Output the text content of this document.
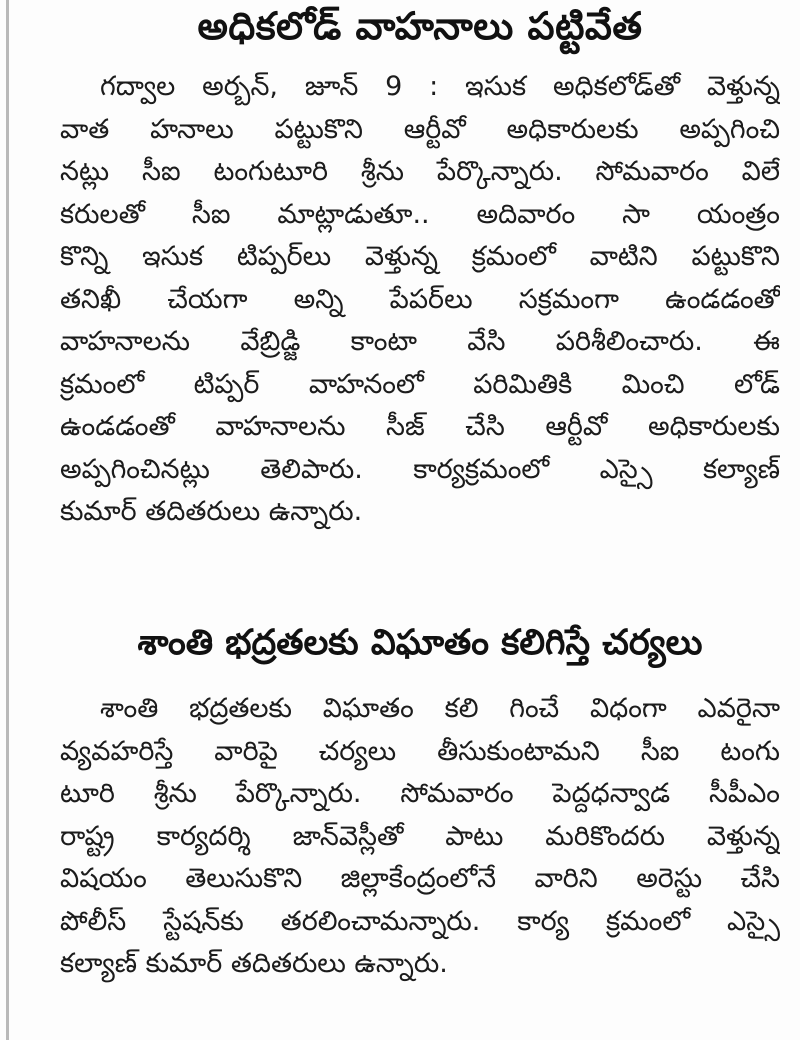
అధికలోడ్ వాహనాలు పట్టివేత
గద్వాల అర్బన్, జూన్ 9 : ఇసుక అధికలోడ్‌తో వెళ్తున్న
వాత హనాలు పట్టుకొని ఆర్టీవో అధికారులకు అప్పగించి
నట్లు సీఐ టంగుటూరి శ్రీను పేర్కొన్నారు. సోమవారం విలే
కరులతో సీఐ మాట్లాడుతూ.. అదివారం సా యంత్రం
కొన్ని ఇసుక టిప్పర్‌లు వెళ్తున్న క్రమంలో వాటిని పట్టుకొని
తనిఖీ చేయగా అన్ని పేపర్‌లు సక్రమంగా ఉండడంతో
వాహనాలను వేబ్రిడ్జి కాంటా వేసి పరిశీలించారు. ఈ
క్రమంలో టిప్పర్ వాహనంలో పరిమితికి మించి లోడ్
ఉండడంతో వాహనాలను సీజ్ చేసి ఆర్టీవో అధికారులకు
అప్పగించినట్లు తెలిపారు. కార్యక్రమంలో ఎస్సై కల్యాణ్
కుమార్ తదితరులు ఉన్నారు.
శాంతి భద్రతలకు విఘాతం కలిగిస్తే చర్యలు
శాంతి భద్రతలకు విఘాతం కలి గించే విధంగా ఎవరైనా
వ్యవహరిస్తే వారిపై చర్యలు తీసుకుంటామని సీఐ టంగు
టూరి శ్రీను పేర్కొన్నారు. సోమవారం పెద్దధన్వాడ సీపీఎం
రాష్ట్ర కార్యదర్శి జాన్‌వెస్లీతో పాటు మరికొందరు వెళ్తున్న
విషయం తెలుసుకొని జిల్లాకేంద్రంలోనే వారిని అరెస్టు చేసి
పోలీస్ స్టేషన్‌కు తరలించామన్నారు. కార్య క్రమంలో ఎస్సై
కల్యాణ్ కుమార్ తదితరులు ఉన్నారు.
